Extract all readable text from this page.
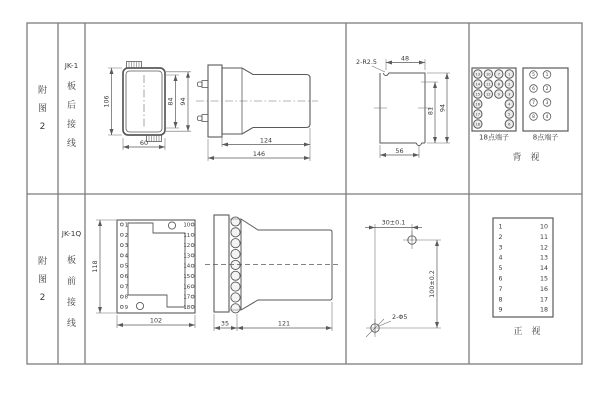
附
图
2
JK-1
板
后
接
线
106	84 94
60	124
146
2-R2.5	48
81 94
56
13 10 7 1
14 11 8 2
15 12 9 3
16	4
17	5
18	6
18点端子
5
6
7
8
1
2
3
4
8点端子
背　视
附
图
2
JK-1Q
板
前
接
线
1
2
3
4
5
6
7
8
9
10
11
12
13
14
15
16
17
18
118
102	35	121
30±0.1
100±0.2
2-Φ5
1	10
2	11
3	12
4	13
5	14
6	15
7	16
8	17
9	18
正　视
